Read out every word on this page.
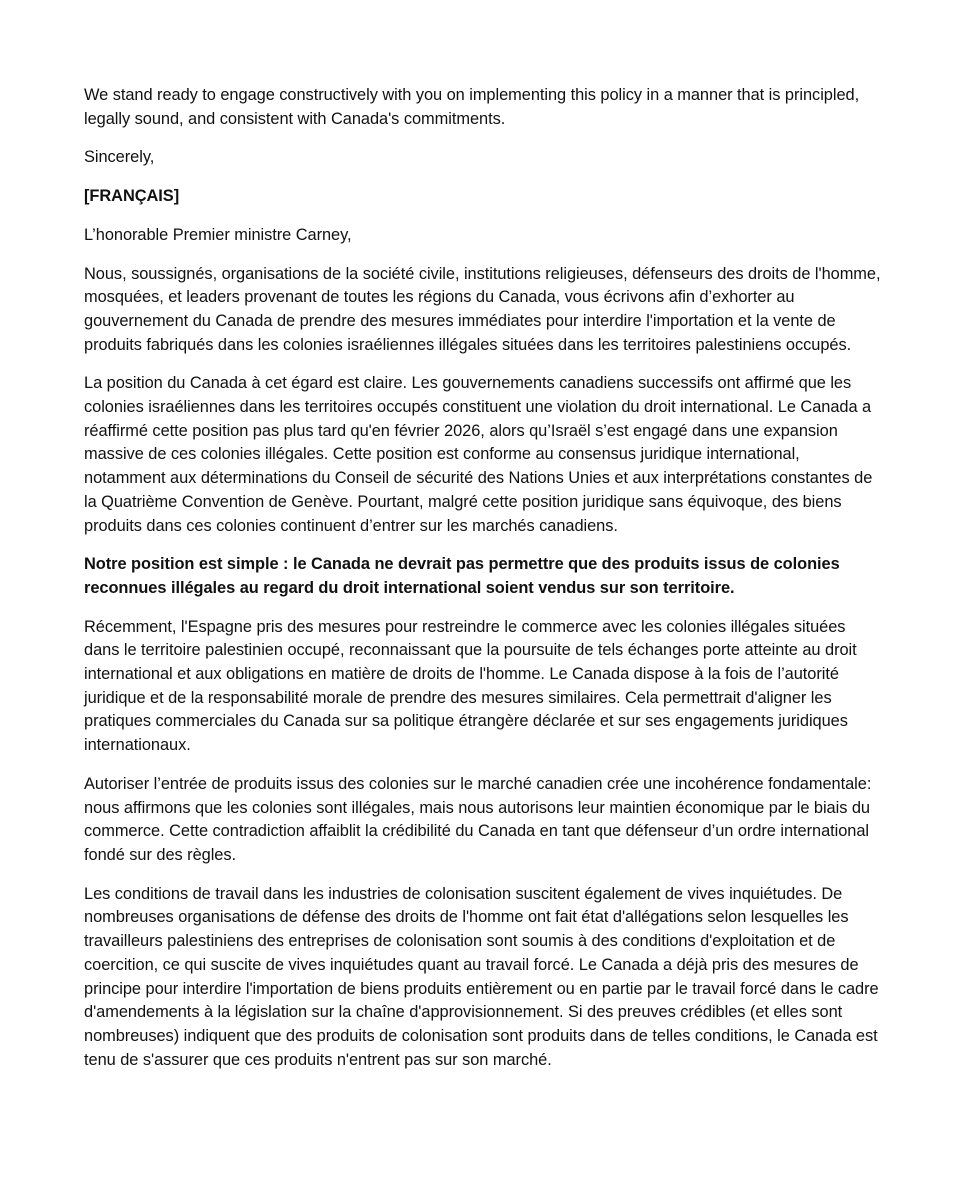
We stand ready to engage constructively with you on implementing this policy in a manner that is principled, legally sound, and consistent with Canada's commitments.

Sincerely,

[FRANÇAIS]

L’honorable Premier ministre Carney,

Nous, soussignés, organisations de la société civile, institutions religieuses, défenseurs des droits de l'homme, mosquées, et leaders provenant de toutes les régions du Canada, vous écrivons afin d’exhorter au gouvernement du Canada de prendre des mesures immédiates pour interdire l'importation et la vente de produits fabriqués dans les colonies israéliennes illégales situées dans les territoires palestiniens occupés.

La position du Canada à cet égard est claire. Les gouvernements canadiens successifs ont affirmé que les colonies israéliennes dans les territoires occupés constituent une violation du droit international. Le Canada a réaffirmé cette position pas plus tard qu'en février 2026, alors qu’Israël s’est engagé dans une expansion massive de ces colonies illégales. Cette position est conforme au consensus juridique international, notamment aux déterminations du Conseil de sécurité des Nations Unies et aux interprétations constantes de la Quatrième Convention de Genève. Pourtant, malgré cette position juridique sans équivoque, des biens produits dans ces colonies continuent d’entrer sur les marchés canadiens.

Notre position est simple : le Canada ne devrait pas permettre que des produits issus de colonies reconnues illégales au regard du droit international soient vendus sur son territoire.

Récemment, l'Espagne pris des mesures pour restreindre le commerce avec les colonies illégales situées dans le territoire palestinien occupé, reconnaissant que la poursuite de tels échanges porte atteinte au droit international et aux obligations en matière de droits de l'homme. Le Canada dispose à la fois de l’autorité juridique et de la responsabilité morale de prendre des mesures similaires. Cela permettrait d'aligner les pratiques commerciales du Canada sur sa politique étrangère déclarée et sur ses engagements juridiques internationaux.

Autoriser l’entrée de produits issus des colonies sur le marché canadien crée une incohérence fondamentale: nous affirmons que les colonies sont illégales, mais nous autorisons leur maintien économique par le biais du commerce. Cette contradiction affaiblit la crédibilité du Canada en tant que défenseur d’un ordre international fondé sur des règles.

Les conditions de travail dans les industries de colonisation suscitent également de vives inquiétudes. De nombreuses organisations de défense des droits de l'homme ont fait état d'allégations selon lesquelles les travailleurs palestiniens des entreprises de colonisation sont soumis à des conditions d'exploitation et de coercition, ce qui suscite de vives inquiétudes quant au travail forcé. Le Canada a déjà pris des mesures de principe pour interdire l'importation de biens produits entièrement ou en partie par le travail forcé dans le cadre d'amendements à la législation sur la chaîne d'approvisionnement. Si des preuves crédibles (et elles sont nombreuses) indiquent que des produits de colonisation sont produits dans de telles conditions, le Canada est tenu de s'assurer que ces produits n'entrent pas sur son marché.
